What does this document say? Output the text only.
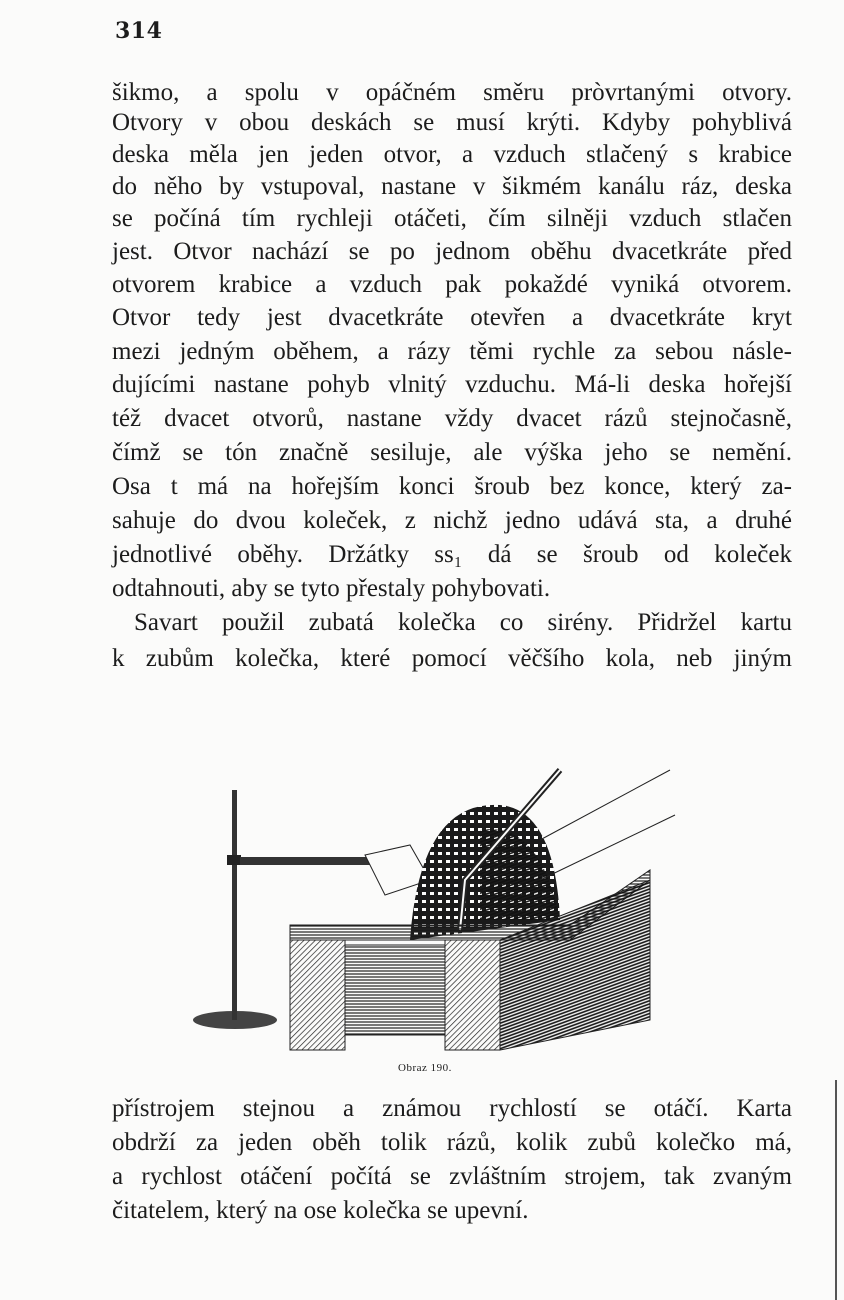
314
šikmo, a spolu v opáčném směru pròvrtanými otvory.
Otvory v obou deskách se musí krýti. Kdyby pohyblivá
deska měla jen jeden otvor, a vzduch stlačený s krabice
do něho by vstupoval, nastane v šikmém kanálu ráz, deska
se počíná tím rychleji otáčeti, čím silněji vzduch stlačen
jest. Otvor nachází se po jednom oběhu dvacetkráte před
otvorem krabice a vzduch pak pokaždé vyniká otvorem.
Otvor tedy jest dvacetkráte otevřen a dvacetkráte kryt
mezi jedným oběhem, a rázy těmi rychle za sebou násle-
dujícími nastane pohyb vlnitý vzduchu. Má-li deska hořejší
též dvacet otvorů, nastane vždy dvacet rázů stejnočasně,
čímž se tón značně sesiluje, ale výška jeho se nemění.
Osa t má na hořejším konci šroub bez konce, který za-
sahuje do dvou koleček, z nichž jedno udává sta, a druhé
jednotlivé oběhy. Držátky ss₁ dá se šroub od koleček
odtahnouti, aby se tyto přestaly pohybovati.
Savart použil zubatá kolečka co sirény. Přidržel kartu
k zubům kolečka, které pomocí věčšího kola, neb jiným
Obraz 190.
přístrojem stejnou a známou rychlostí se otáčí. Karta
obdrží za jeden oběh tolik rázů, kolik zubů kolečko má,
a rychlost otáčení počítá se zvláštním strojem, tak zvaným
čitatelem, který na ose kolečka se upevní.
